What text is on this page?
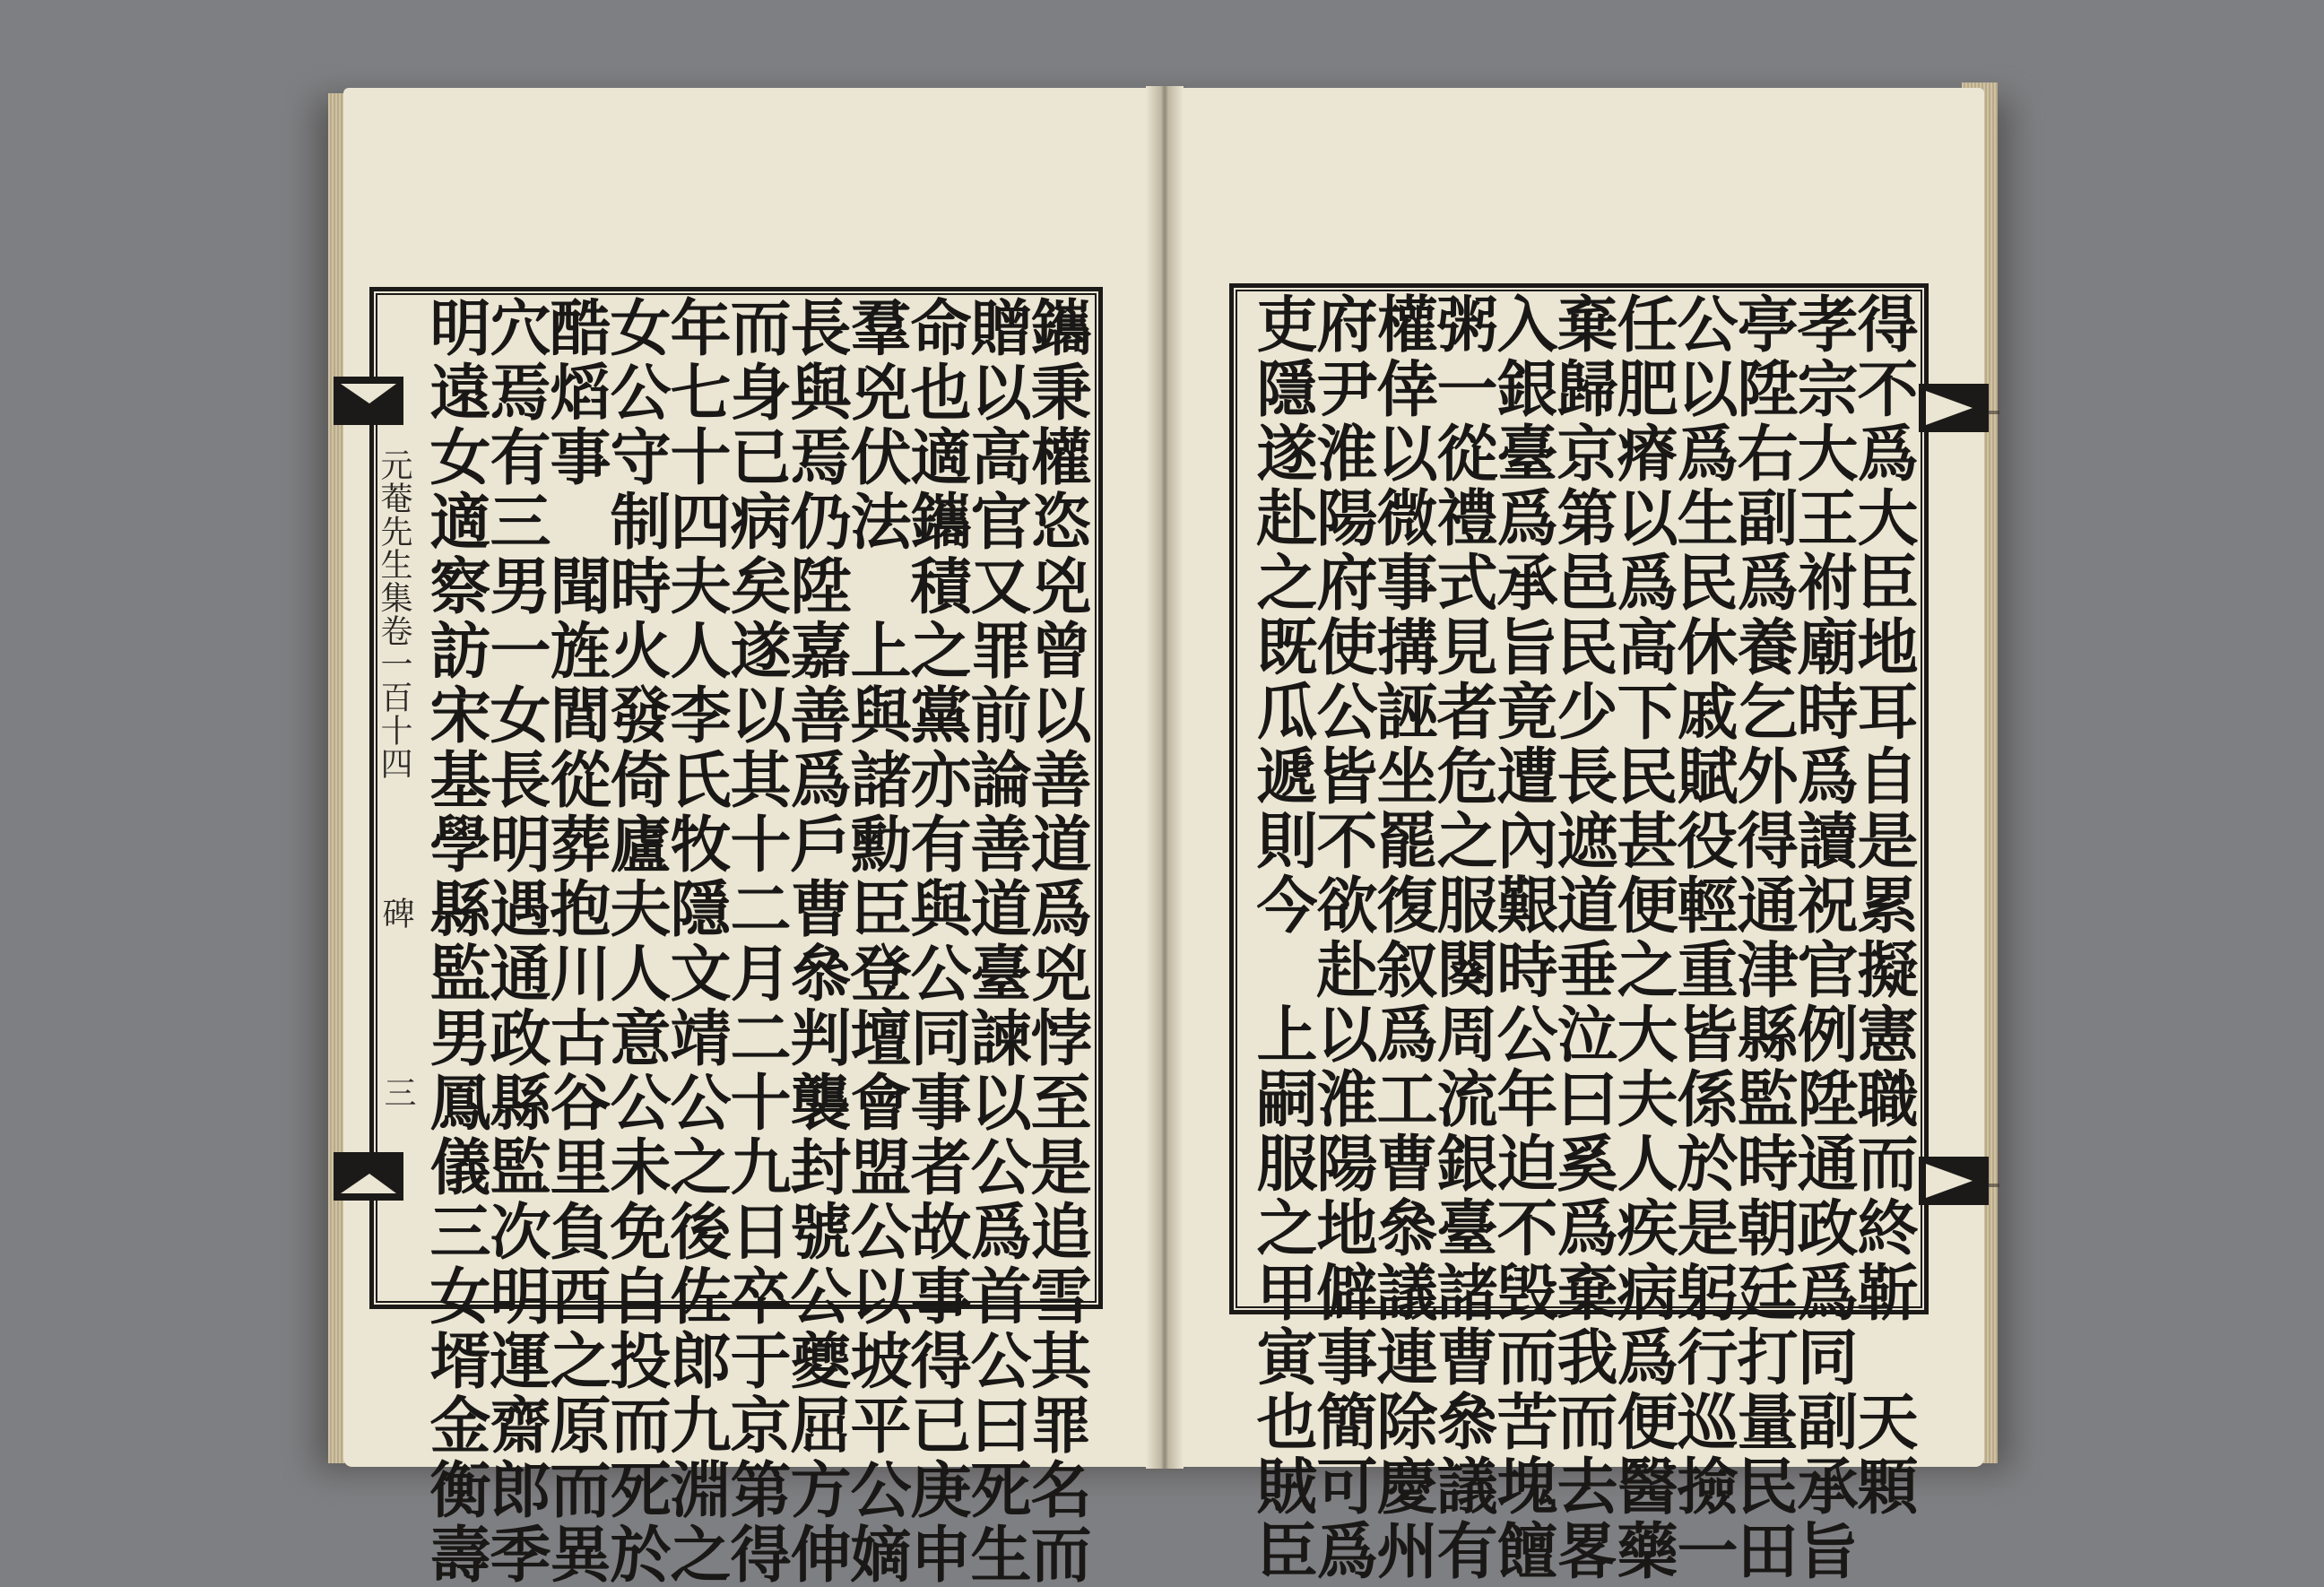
元菴先生集卷一百十四
碑
三	鑴秉權恣兇曾以善道爲兇悖至是追雪其罪名而
贈以高官又罪前論善道臺諫以公爲首公曰死生
命也適鑴積之黨亦有與公同事者故事得已庚申
羣兇伏法　上與諸勳臣登壇會盟公以坡平公嫡
長與焉仍陞嘉善爲戶曹叅判襲封號公夔屈方伸
而身已病矣遂以其十二月二十九日卒于京第得
年七十四夫人李氏牧隱文靖公之後佐郎九淵之
女公守制時火發倚廬夫人意公未免自投而死於
酷熖事　聞旌閭從葬抱川古谷里負酉之原而異
穴焉有三男一女長明遇通政縣監次明運齋郎季
明遠女適察訪宋基學縣監男鳳儀三女壻金衡壽	得不爲大臣地耳自是累擬憲職而終靳　天顆
孝宗大王祔廟時爲讀祝官例陞通政爲同副承旨
亭陞右副爲養乞外得通津縣監時朝廷打量民田
公以爲生民休戚賦役輕重皆係於是躬行巡撿一
任肥瘠以爲高下民甚便之大夫人疾病爲便醫藥
棄歸京第邑民少長遮道垂泣曰奚爲棄我而去畧
入銀臺爲承旨竟遭內艱時公年迫不毁而苦塊饘
粥一從禮式見者危之服闋周流銀臺諸曹叅議有
權倖以微事搆誣坐罷復叙爲工曹叅議連除慶州
府尹淮陽府使公皆不欲赴以淮陽地僻事簡可爲
吏隱遂赴之既瓜遞則今　上嗣服之甲寅也賊臣
